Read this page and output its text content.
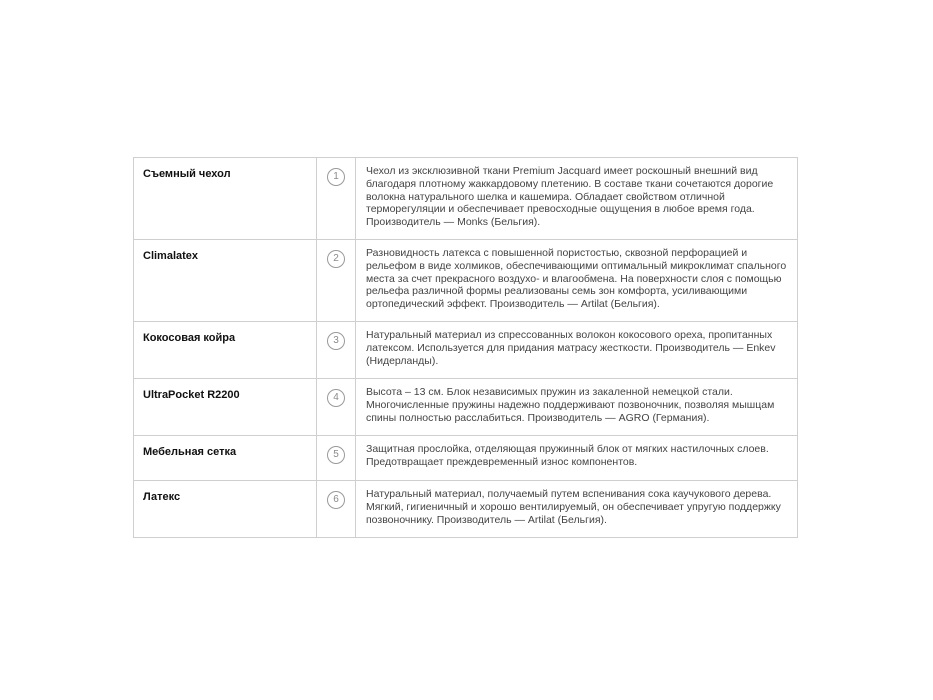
Съемный чехол	1	Чехол из эксклюзивной ткани Premium Jacquard имеет роскошный внешний вид благодаря плотному жаккардовому плетению. В составе ткани сочетаются дорогие волокна натурального шелка и кашемира. Обладает свойством отличной терморегуляции и обеспечивает превосходные ощущения в любое время года. Производитель — Monks (Бельгия).
Climalatex	2	Разновидность латекса с повышенной пористостью, сквозной перфорацией и рельефом в виде холмиков, обеспечивающими оптимальный микроклимат спального места за счет прекрасного воздухо- и влагообмена. На поверхности слоя с помощью рельефа различной формы реализованы семь зон комфорта, усиливающими ортопедический эффект. Производитель — Artilat (Бельгия).
Кокосовая койра	3	Натуральный материал из спрессованных волокон кокосового ореха, пропитанных латексом. Используется для придания матрасу жесткости. Производитель — Enkev (Нидерланды).
UltraPocket R2200	4	Высота – 13 см. Блок независимых пружин из закаленной немецкой стали. Многочисленные пружины надежно поддерживают позвоночник, позволяя мышцам спины полностью расслабиться. Производитель — AGRO (Германия).
Мебельная сетка	5	Защитная прослойка, отделяющая пружинный блок от мягких настилочных слоев. Предотвращает преждевременный износ компонентов.
Латекс	6	Натуральный материал, получаемый путем вспенивания сока каучукового дерева. Мягкий, гигиеничный и хорошо вентилируемый, он обеспечивает упругую поддержку позвоночнику. Производитель — Artilat (Бельгия).
